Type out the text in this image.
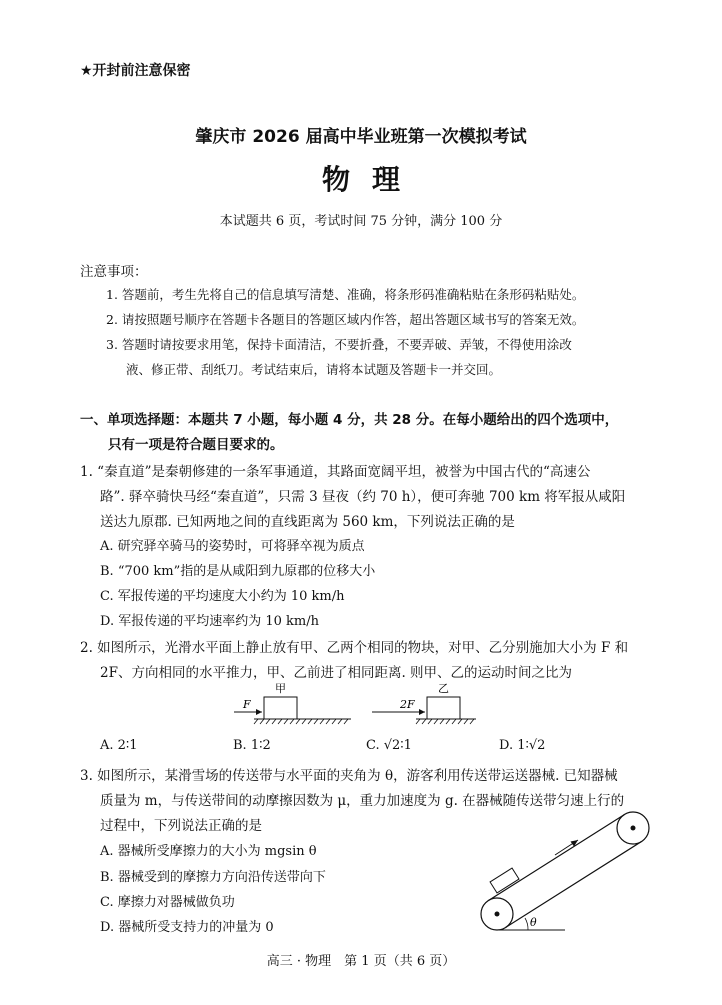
★开封前注意保密
肇庆市 2026 届高中毕业班第一次模拟考试
物理
本试题共 6 页，考试时间 75 分钟，满分 100 分
注意事项：
1. 答题前，考生先将自己的信息填写清楚、准确，将条形码准确粘贴在条形码粘贴处。
2. 请按照题号顺序在答题卡各题目的答题区域内作答，超出答题区域书写的答案无效。
3. 答题时请按要求用笔，保持卡面清洁，不要折叠，不要弄破、弄皱，不得使用涂改
液、修正带、刮纸刀。考试结束后，请将本试题及答题卡一并交回。
一、单项选择题：本题共 7 小题，每小题 4 分，共 28 分。在每小题给出的四个选项中，
只有一项是符合题目要求的。
1. “秦直道”是秦朝修建的一条军事通道，其路面宽阔平坦，被誉为中国古代的“高速公
路”. 驿卒骑快马经“秦直道”，只需 3 昼夜（约 70 h），便可奔驰 700 km 将军报从咸阳
送达九原郡. 已知两地之间的直线距离为 560 km，下列说法正确的是
A. 研究驿卒骑马的姿势时，可将驿卒视为质点
B. “700 km”指的是从咸阳到九原郡的位移大小
C. 军报传递的平均速度大小约为 10 km/h
D. 军报传递的平均速率约为 10 km/h
2. 如图所示，光滑水平面上静止放有甲、乙两个相同的物块，对甲、乙分别施加大小为 F 和
2F、方向相同的水平推力，甲、乙前进了相同距离. 则甲、乙的运动时间之比为
甲
F
乙
2F
A. 2∶1	B. 1∶2	C. √2∶1	D. 1∶√2
3. 如图所示，某滑雪场的传送带与水平面的夹角为 θ，游客利用传送带运送器械. 已知器械
质量为 m，与传送带间的动摩擦因数为 μ，重力加速度为 g. 在器械随传送带匀速上行的
过程中，下列说法正确的是
A. 器械所受摩擦力的大小为 mgsin θ
B. 器械受到的摩擦力方向沿传送带向下
C. 摩擦力对器械做负功
D. 器械所受支持力的冲量为 0	θ
高三 · 物理　第 1 页（共 6 页）
